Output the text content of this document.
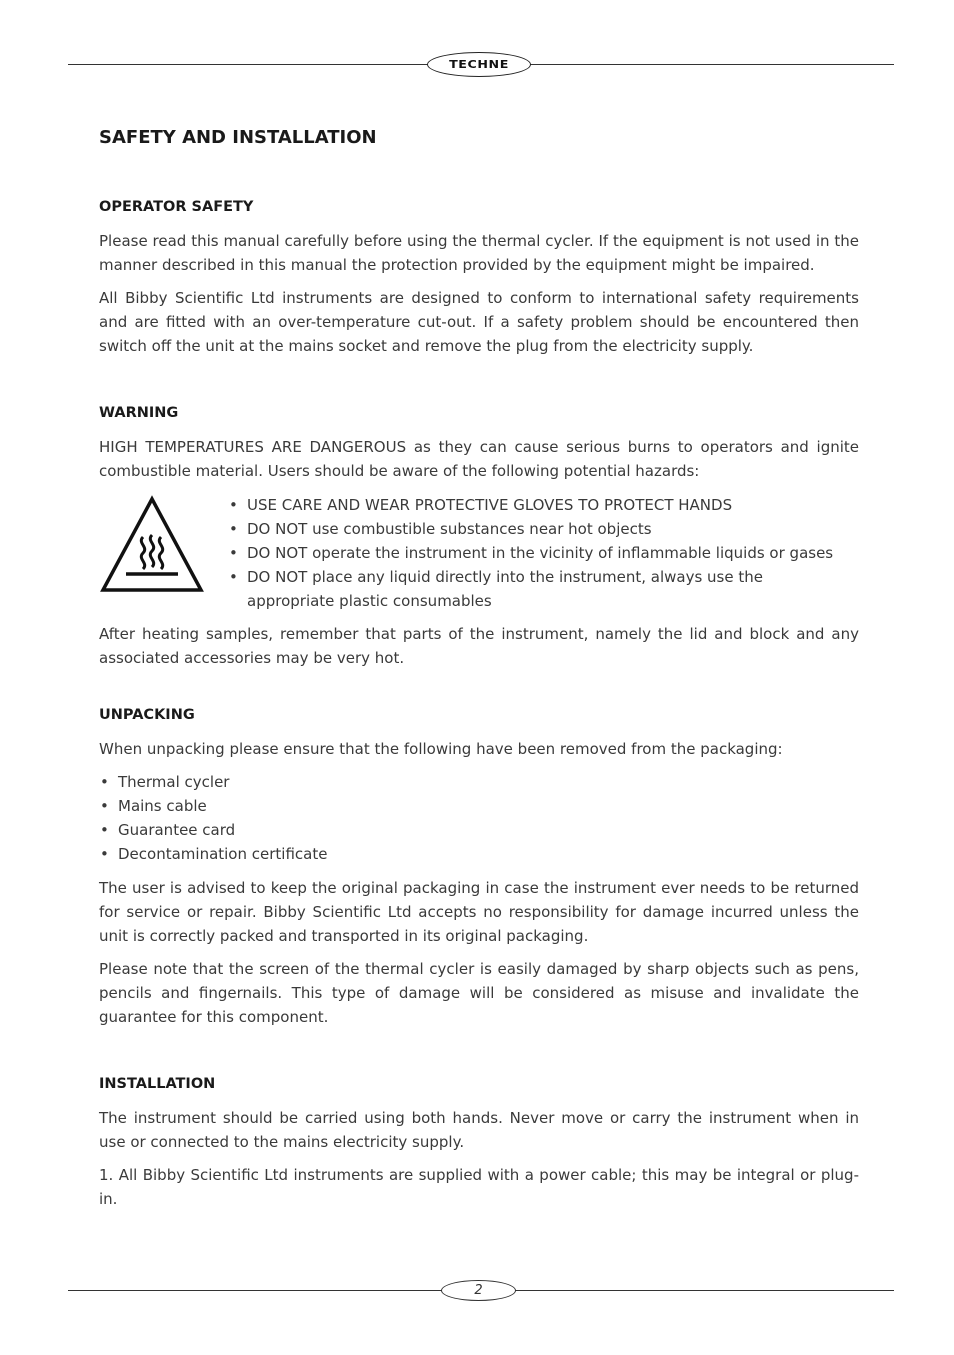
TECHNE
SAFETY AND INSTALLATION
OPERATOR SAFETY

Please read this manual carefully before using the thermal cycler. If the equipment is not used in the manner described in this manual the protection provided by the equipment might be impaired.

All Bibby Scientific Ltd instruments are designed to conform to international safety requirements and are fitted with an over-temperature cut-out. If a safety problem should be encountered then switch off the unit at the mains socket and remove the plug from the electricity supply.

WARNING

HIGH TEMPERATURES ARE DANGEROUS as they can cause serious burns to operators and ignite combustible material. Users should be aware of the following potential hazards:

• USE CARE AND WEAR PROTECTIVE GLOVES TO PROTECT HANDS
• DO NOT use combustible substances near hot objects
• DO NOT operate the instrument in the vicinity of inflammable liquids or gases
• DO NOT place any liquid directly into the instrument, always use the appropriate plastic consumables

After heating samples, remember that parts of the instrument, namely the lid and block and any associated accessories may be very hot.

UNPACKING

When unpacking please ensure that the following have been removed from the packaging:

• Thermal cycler
• Mains cable
• Guarantee card
• Decontamination certificate

The user is advised to keep the original packaging in case the instrument ever needs to be returned for service or repair. Bibby Scientific Ltd accepts no responsibility for damage incurred unless the unit is correctly packed and transported in its original packaging.

Please note that the screen of the thermal cycler is easily damaged by sharp objects such as pens, pencils and fingernails. This type of damage will be considered as misuse and invalidate the guarantee for this component.

INSTALLATION

The instrument should be carried using both hands. Never move or carry the instrument when in use or connected to the mains electricity supply.

1. All Bibby Scientific Ltd instruments are supplied with a power cable; this may be integral or plug-in.

2
